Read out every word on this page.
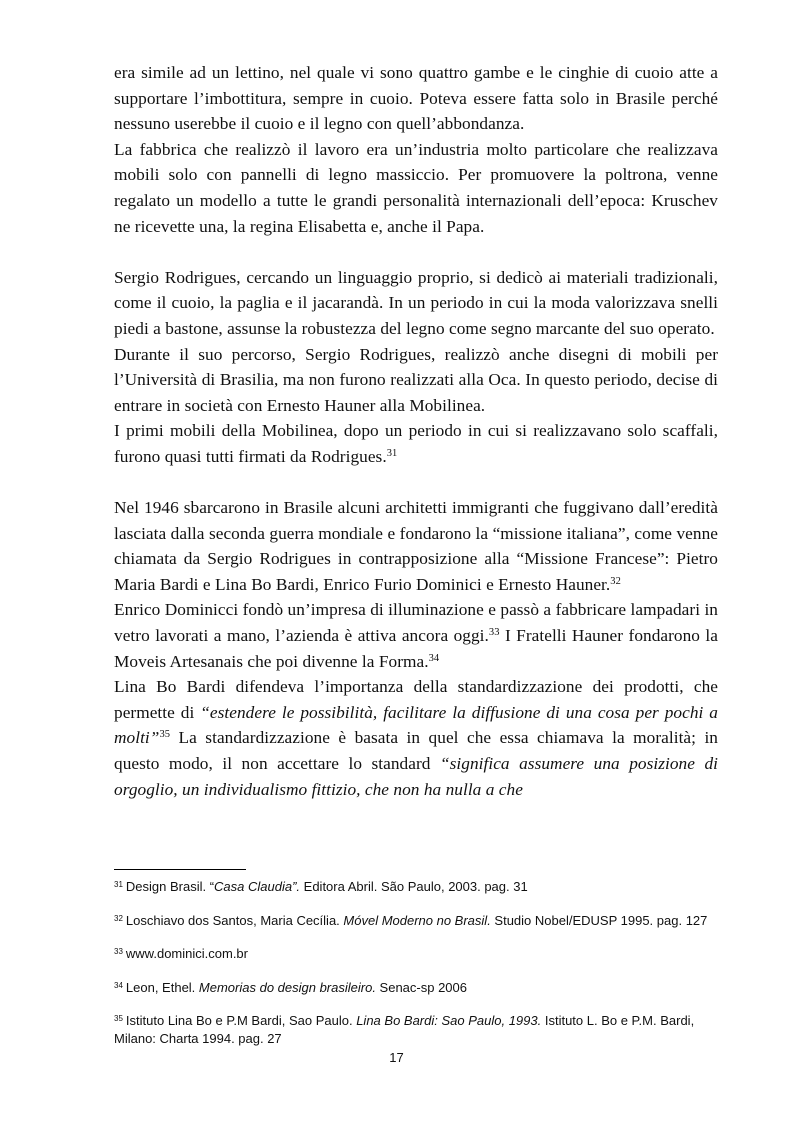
era simile ad un lettino, nel quale vi sono quattro gambe e le cinghie di cuoio atte a supportare l’imbottitura, sempre in cuoio. Poteva essere fatta solo in Brasile perché nessuno userebbe il cuoio e il legno con quell’abbondanza.

La fabbrica che realizzò il lavoro era un’industria molto particolare che realizzava mobili solo con pannelli di legno massiccio. Per promuovere la poltrona, venne regalato un modello a tutte le grandi personalità internazionali dell’epoca: Kruschev ne ricevette una, la regina Elisabetta e, anche il Papa.

Sergio Rodrigues, cercando un linguaggio proprio, si dedicò ai materiali tradizionali, come il cuoio, la paglia e il jacarandà. In un periodo in cui la moda valorizzava snelli piedi a bastone, assunse la robustezza del legno come segno marcante del suo operato.

Durante il suo percorso, Sergio Rodrigues, realizzò anche disegni di mobili per l’Università di Brasilia, ma non furono realizzati alla Oca. In questo periodo, decise di entrare in società con Ernesto Hauner alla Mobilinea.

I primi mobili della Mobilinea, dopo un periodo in cui si realizzavano solo scaffali, furono quasi tutti firmati da Rodrigues.$^{31}$

Nel 1946 sbarcarono in Brasile alcuni architetti immigranti che fuggivano dall’eredità lasciata dalla seconda guerra mondiale e fondarono la “missione italiana”, come venne chiamata da Sergio Rodrigues in contrapposizione alla “Missione Francese”: Pietro Maria Bardi e Lina Bo Bardi, Enrico Furio Dominici e Ernesto Hauner.$^{32}$

Enrico Dominicci fondò un’impresa di illuminazione e passò a fabbricare lampadari in vetro lavorati a mano, l’azienda è attiva ancora oggi.$^{33}$ I Fratelli Hauner fondarono la Moveis Artesanais che poi divenne la Forma.$^{34}$

Lina Bo Bardi difendeva l’importanza della standardizzazione dei prodotti, che permette di “estendere le possibilità, facilitare la diffusione di una cosa per pochi a molti”$^{35}$ La standardizzazione è basata in quel che essa chiamava la moralità; in questo modo, il non accettare lo standard “significa assumere una posizione di orgoglio, un individualismo fittizio, che non ha nulla a che

$^{31}$ Design Brasil. “Casa Claudia”. Editora Abril. São Paulo, 2003. pag. 31

$^{32}$ Loschiavo dos Santos, Maria Cecília. Móvel Moderno no Brasil. Studio Nobel/EDUSP 1995. pag. 127

$^{33}$ www.dominici.com.br

$^{34}$ Leon, Ethel. Memorias do design brasileiro. Senac-sp 2006

$^{35}$ Istituto Lina Bo e P.M Bardi, Sao Paulo. Lina Bo Bardi: Sao Paulo, 1993. Istituto L. Bo e P.M. Bardi, Milano: Charta 1994. pag. 27

17
